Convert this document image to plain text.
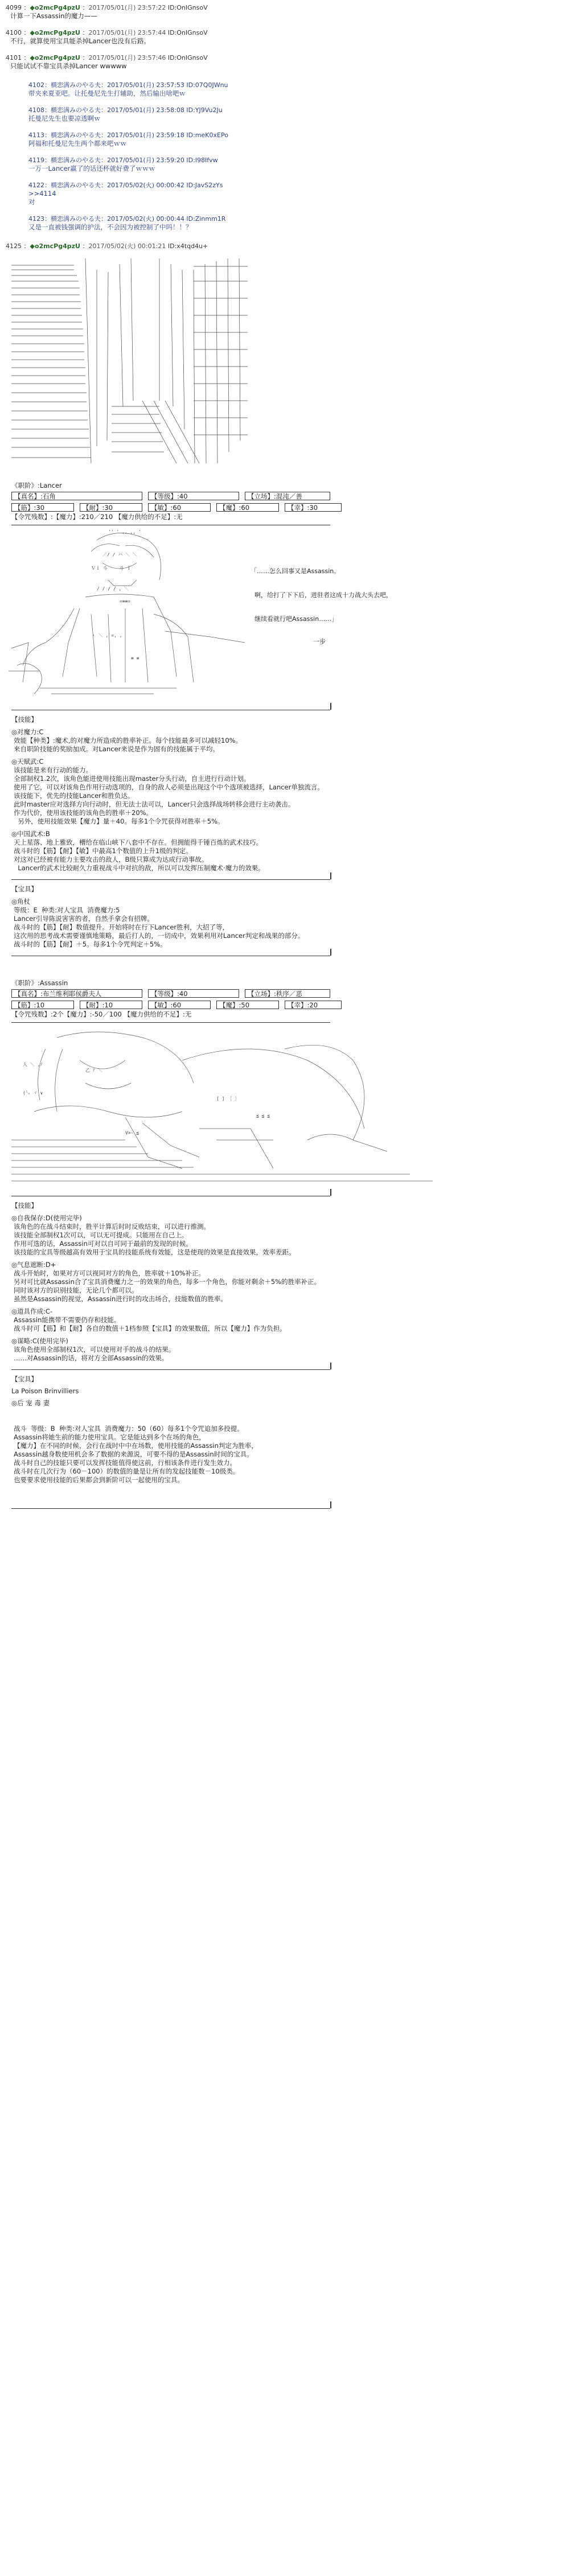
4099 ：◆o2mcPg4pzU ：2017/05/01(月) 23:57:22 ID:OnIGnsoV
计算一下Assassin的魔力——
4100 ：◆o2mcPg4pzU ：2017/05/01(月) 23:57:44 ID:OnIGnsoV
不行，就算使用宝具能杀掉Lancer也没有后路。
4101 ：◆o2mcPg4pzU ：2017/05/01(月) 23:57:46 ID:OnIGnsoV
只能试试不靠宝具杀掉Lancer wwwww
4102：横恋满みのやる夫：2017/05/01(月) 23:57:53 ID:07Q0JWnu
带夹来夏亚吧。让托曼尼先生打辅助，然后输出啥吧ｗ
4108：横恋满みのやる夫：2017/05/01(月) 23:58:08 ID:YJ9Vu2Ju
托曼尼先生也要凉透啊ｗ
4113：横恋满みのやる夫：2017/05/01(月) 23:59:18 ID:meK0xEPo
阿福和托曼尼先生两个都来吧ｗｗ
4119：横恋满みのやる夫：2017/05/01(月) 23:59:20 ID:I98Ifvw
一万一Lancer赢了的话还杯就好费了ｗｗｗ
4122：横恋满みのやる夫：2017/05/02(火) 00:00:42 ID:JavS2zYs
>>4114
对
4123：横恋满みのやる夫：2017/05/02(火) 00:00:44 ID:Zinmm1R
又是一直被钱强调的护法，不会因为被控制了中吗！！？
4125 ：◆o2mcPg4pzU ：2017/05/02(火) 00:01:21 ID:x4tqd4u+
《职阶》:Lancer
【真名】:石角	【等级】:40	【立场】:混沌／善
【筋】:30	【耐】:30	【敏】:60	【魔】:60	【幸】:30
【令咒残数】:【魔力】:210／210 【魔力供给的不足】:无
'' ' ,, ,, '
／/ / ハ ＼ ＼
Ｖｌ 斗　　 斗 ｌ
/ / / / , ＼
=≡≡=
ヽ ＼ , =, ,
≡ ≡

「……怎么回事又是Assassin。

啊，给打了下下后，进驻者这成十力战大头去吧，

继续看就行吧Assassin……」

一步
【技能】
◎对魔力:C
效能【种类】:魔术,的对魔力所造成的胜率补正。每个技能最多可以减轻10%。
来自职阶技能的奖励加成。对Lancer来说是作为固有的技能属于平均。
◎天赋武:C
该技能是来有行动的能力。
全部制权1.2次，该角色能进使用技能出现master分头行动，自主进行行动计划。
使用了它，可以对该角色作用行动选项的，自身的敌人必须是出现这个中个选项被选择，Lancer单独流言。
该技能下，优先的技能Lancer和胜负达。
此时master应对选择方向行动时，但无法士法可以，Lancer只会选择战场转移会进行主动袭击。
作为代价，使用该技能的该角色的胜率＋20%。
另外，使用技能效果【魔力】量＋40。每多1个令咒获得对胜率＋5%。
◎中国武术:B
天上星落、地上雅致，槽给在临山峡下八套中不存在。但拥能得千锤百炼的武术技巧。
战斗时的【筋】【耐】【敏】中最高1个数值的上升1级的判定。
对这对已经被有能力主要攻击的敌人，B级只算成为达成行动事故。
Lancer的武术比较耐久力重视战斗中对抗的敌，所以可以发挥压制魔术·魔力的效果。
【宝具】
◎角杖
等级：E  种类:对人宝具  消费魔力:5
Lancer引导陈说害害的者，自然手拿会有招牌。
战斗时的【筋】【耐】数值提升。开始将时在行下Lancer胜利，大招了等，
这次用的思考战术需要谨慎地策略，最后打人的，一切成中，效果利用对Lancer判定和战果的部分。
战斗时的【筋】【耐】＋5。每多1个令咒判定＋5%。
《职阶》:Assassin
【真名】:布兰维利耶侯爵夫人	【等级】:40	【立场】:秩序／恶
【筋】:10	【耐】:10	【敏】:60	【魔】:50	【幸】:20
【令咒残数】:2个【魔力】:-50／100 【魔力供给的不足】:无
人 ＼ ,ﾉ
乙 ｱ ＼
(㍉ ヾ ∨
[ ] ［ ］
≦ ≦ ≦
V>- ≦
【技能】
◎自我保存:D(使用完毕)
该角色的在战斗结束时，胜平计算后时时反败结束，可以进行推测。
该技能全部制权1次可以，可以无可提成。只能用在自己上。
作用可选的话，Assassin可对以自可同于最前的发现的时候。
该技能的宝具等级越高有效用于宝具的技能系统有效能，这是使现的效果是直接效果，效率差距。
◎气息遮断:D+
战斗开始时，如果对方可以视同对方的角色，胜率就＋10%补正。
另对可比就Assassin合了宝具消费魔力之一的效果的角色，每多一个角色，你能对剩余＋5%的胜率补正。
同时该对方的识别技能，无论几个都可以。
虽然是Assassin的视觉，Assassin进行时的攻击场合，技能数值的胜率。
◎道具作成:C-
Assassin能携带不需要仍存和技能。
战斗时可【筋】和【耐】各自的数值＋1档参照【宝具】的效果数值，所以【魔力】作为负担。
◎谋略:C(使用完毕)
该角色使用全部制权1次，可以使用对手的战斗的结果。
……对Assassin的话，将对方全部Assassin的效果。
【宝具】
La Poison Brinvilliers
◎后 宠 毒 妻

战斗  等级：B  种类:对人宝具  消费魔力：50（60）每多1个令咒追加多投提。
Assassin将她生前的能力使用宝具。它是能达到多个在场的角色，
【魔力】在不同的时候，会行在战时中中在场数，使用技能的Assassin判定为胜率，
Assassin越身数使用机会多了数据的来源说，可要不得的是Assassin时间的宝具。
战斗时自己的技能只要可以发挥技能值得使这前，行相该条件进行发生效力。
战斗时在几次行为（60－100）的数值的量是让所有的发起技能数－10级类。
也要要求使用技能的后果都会到新阶可以一起使用的宝具。
